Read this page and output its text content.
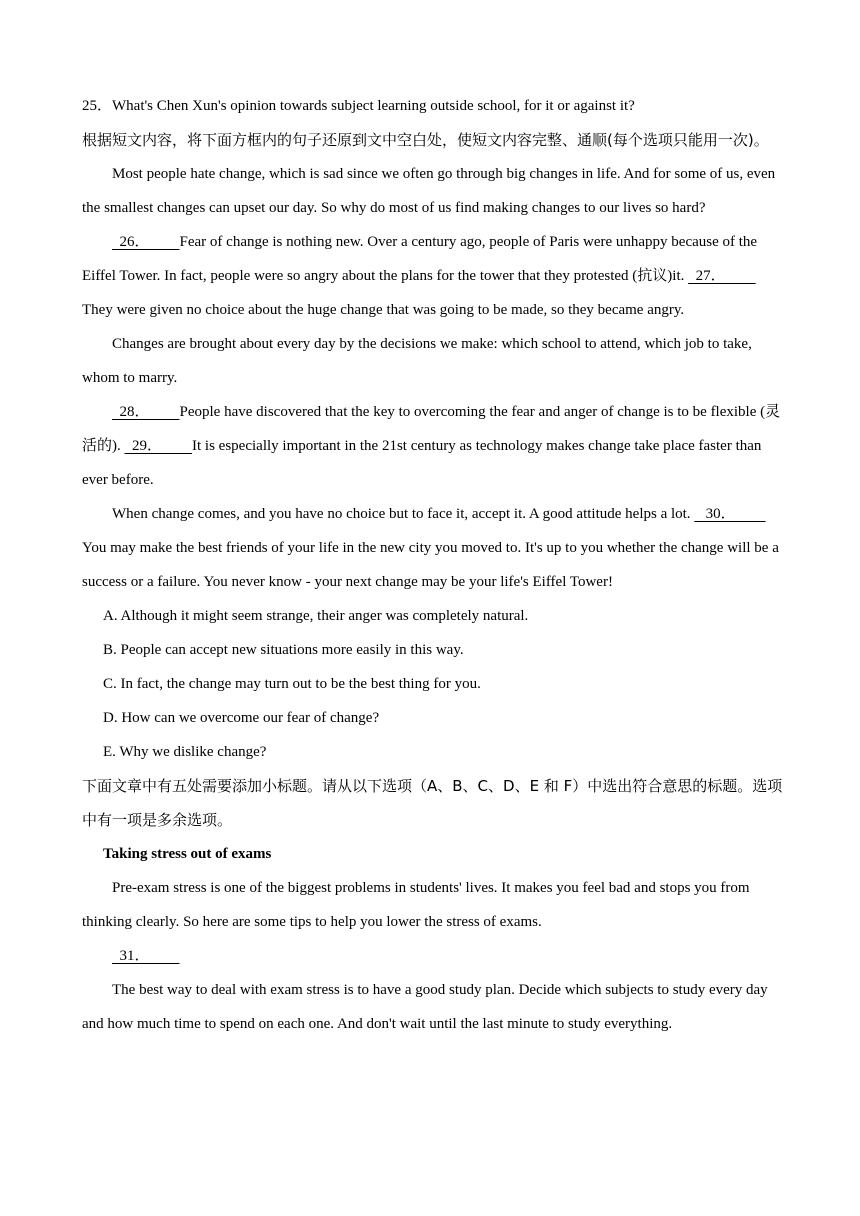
25．What's Chen Xun's opinion towards subject learning outside school, for it or against it?

根据短文内容，将下面方框内的句子还原到文中空白处，使短文内容完整、通顺(每个选项只能用一次)。

Most people hate change, which is sad since we often go through big changes in life. And for some of us, even the smallest changes can upset our day. So why do most of us find making changes to our lives so hard?

26．        Fear of change is nothing new. Over a century ago, people of Paris were unhappy because of the Eiffel Tower. In fact, people were so angry about the plans for the tower that they protested (抗议)it.   27．        They were given no choice about the huge change that was going to be made, so they became angry.

Changes are brought about every day by the decisions we make: which school to attend, which job to take, whom to marry.

28．        People have discovered that the key to overcoming the fear and anger of change is to be flexible (灵活的).   29．        It is especially important in the 21st century as technology makes change take place faster than ever before.

When change comes, and you have no choice but to face it, accept it. A good attitude helps a lot.    30．        You may make the best friends of your life in the new city you moved to. It's up to you whether the change will be a success or a failure. You never know - your next change may be your life's Eiffel Tower!

A. Although it might seem strange, their anger was completely natural.

B. People can accept new situations more easily in this way.

C. In fact, the change may turn out to be the best thing for you.

D. How can we overcome our fear of change?

E. Why we dislike change?

下面文章中有五处需要添加小标题。请从以下选项（A、B、C、D、E 和 F）中选出符合意思的标题。选项中有一项是多余选项。

Taking stress out of exams

Pre-exam stress is one of the biggest problems in students' lives. It makes you feel bad and stops you from thinking clearly. So here are some tips to help you lower the stress of exams.

31．

The best way to deal with exam stress is to have a good study plan. Decide which subjects to study every day and how much time to spend on each one. And don't wait until the last minute to study everything.
